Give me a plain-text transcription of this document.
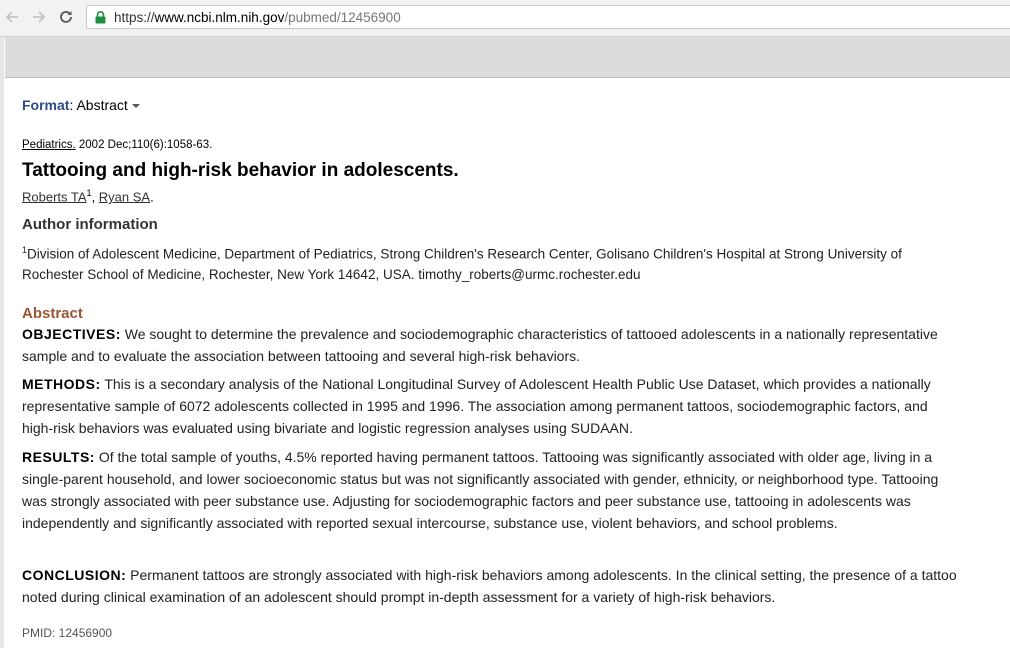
https://www.ncbi.nlm.nih.gov/pubmed/12456900
Format: Abstract
Pediatrics. 2002 Dec;110(6):1058-63.
Tattooing and high-risk behavior in adolescents.
Roberts $TA^1$, Ryan SA.
Author information
$^1$Division of Adolescent Medicine, Department of Pediatrics, Strong Children's Research Center, Golisano Children's Hospital at Strong University of Rochester School of Medicine, Rochester, New York 14642, USA. timothy_roberts@urmc.rochester.edu
Abstract

OBJECTIVES: We sought to determine the prevalence and sociodemographic characteristics of tattooed adolescents in a nationally representative sample and to evaluate the association between tattooing and several high-risk behaviors.

METHODS: This is a secondary analysis of the National Longitudinal Survey of Adolescent Health Public Use Dataset, which provides a nationally representative sample of 6072 adolescents collected in 1995 and 1996. The association among permanent tattoos, sociodemographic factors, and high-risk behaviors was evaluated using bivariate and logistic regression analyses using SUDAAN.

RESULTS: Of the total sample of youths, 4.5% reported having permanent tattoos. Tattooing was significantly associated with older age, living in a single-parent household, and lower socioeconomic status but was not significantly associated with gender, ethnicity, or neighborhood type. Tattooing was strongly associated with peer substance use. Adjusting for sociodemographic factors and peer substance use, tattooing in adolescents was independently and significantly associated with reported sexual intercourse, substance use, violent behaviors, and school problems.

CONCLUSION: Permanent tattoos are strongly associated with high-risk behaviors among adolescents. In the clinical setting, the presence of a tattoo noted during clinical examination of an adolescent should prompt in-depth assessment for a variety of high-risk behaviors.

PMID: 12456900
